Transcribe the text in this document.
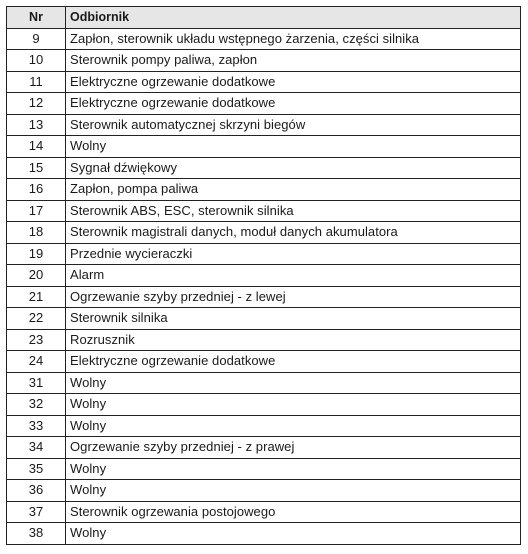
Nr	Odbiornik
9	Zapłon, sterownik układu wstępnego żarzenia, części silnika
10	Sterownik pompy paliwa, zapłon
11	Elektryczne ogrzewanie dodatkowe
12	Elektryczne ogrzewanie dodatkowe
13	Sterownik automatycznej skrzyni biegów
14	Wolny
15	Sygnał dźwiękowy
16	Zapłon, pompa paliwa
17	Sterownik ABS, ESC, sterownik silnika
18	Sterownik magistrali danych, moduł danych akumulatora
19	Przednie wycieraczki
20	Alarm
21	Ogrzewanie szyby przedniej - z lewej
22	Sterownik silnika
23	Rozrusznik
24	Elektryczne ogrzewanie dodatkowe
31	Wolny
32	Wolny
33	Wolny
34	Ogrzewanie szyby przedniej - z prawej
35	Wolny
36	Wolny
37	Sterownik ogrzewania postojowego
38	Wolny
